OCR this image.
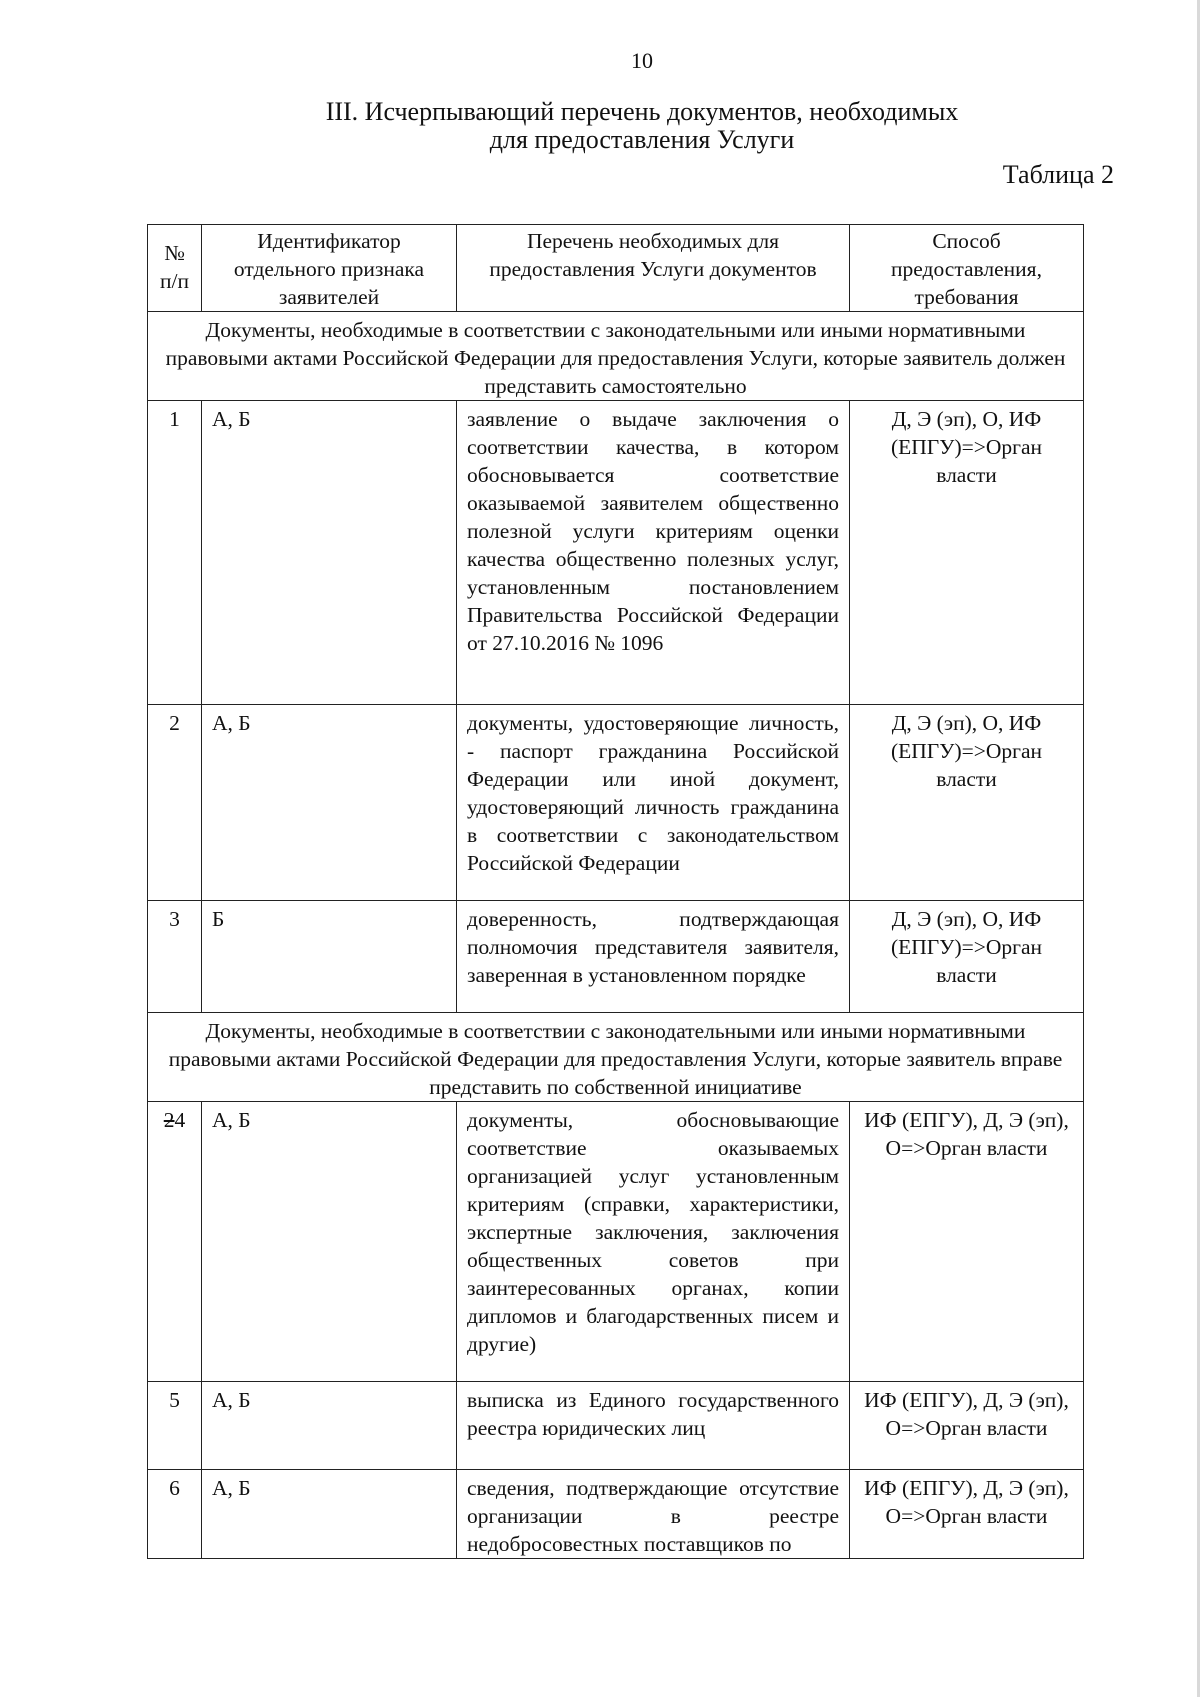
10
III. Исчерпывающий перечень документов, необходимых
для предоставления Услуги
Таблица 2
№ п/п	Идентификатор отдельного признака заявителей	Перечень необходимых для предоставления Услуги документов	Способ предоставления, требования
Документы, необходимые в соответствии с законодательными или иными нормативными правовыми актами Российской Федерации для предоставления Услуги, которые заявитель должен представить самостоятельно			
1	А, Б	заявление о выдаче заключения о соответствии качества, в котором обосновывается соответствие оказываемой заявителем общественно полезной услуги критериям оценки качества общественно полезных услуг, установленным постановлением Правительства Российской Федерации от 27.10.2016 № 1096	Д, Э (эп), О, ИФ (ЕПГУ)=>Орган власти
2	А, Б	документы, удостоверяющие личность, - паспорт гражданина Российской Федерации или иной документ, удостоверяющий личность гражданина в соответствии с законодательством Российской Федерации	Д, Э (эп), О, ИФ (ЕПГУ)=>Орган власти
3	Б	доверенность, подтверждающая полномочия представителя заявителя, заверенная в установленном порядке	Д, Э (эп), О, ИФ (ЕПГУ)=>Орган власти
Документы, необходимые в соответствии с законодательными или иными нормативными правовыми актами Российской Федерации для предоставления Услуги, которые заявитель вправе представить по собственной инициативе			
24	А, Б	документы, обосновывающие соответствие оказываемых организацией услуг установленным критериям (справки, характеристики, экспертные заключения, заключения общественных советов при заинтересованных органах, копии дипломов и благодарственных писем и другие)	ИФ (ЕПГУ), Д, Э (эп), О=>Орган власти
5	А, Б	выписка из Единого государственного реестра юридических лиц	ИФ (ЕПГУ), Д, Э (эп), О=>Орган власти
6	А, Б	сведения, подтверждающие отсутствие организации в реестре недобросовестных поставщиков по	ИФ (ЕПГУ), Д, Э (эп), О=>Орган власти
